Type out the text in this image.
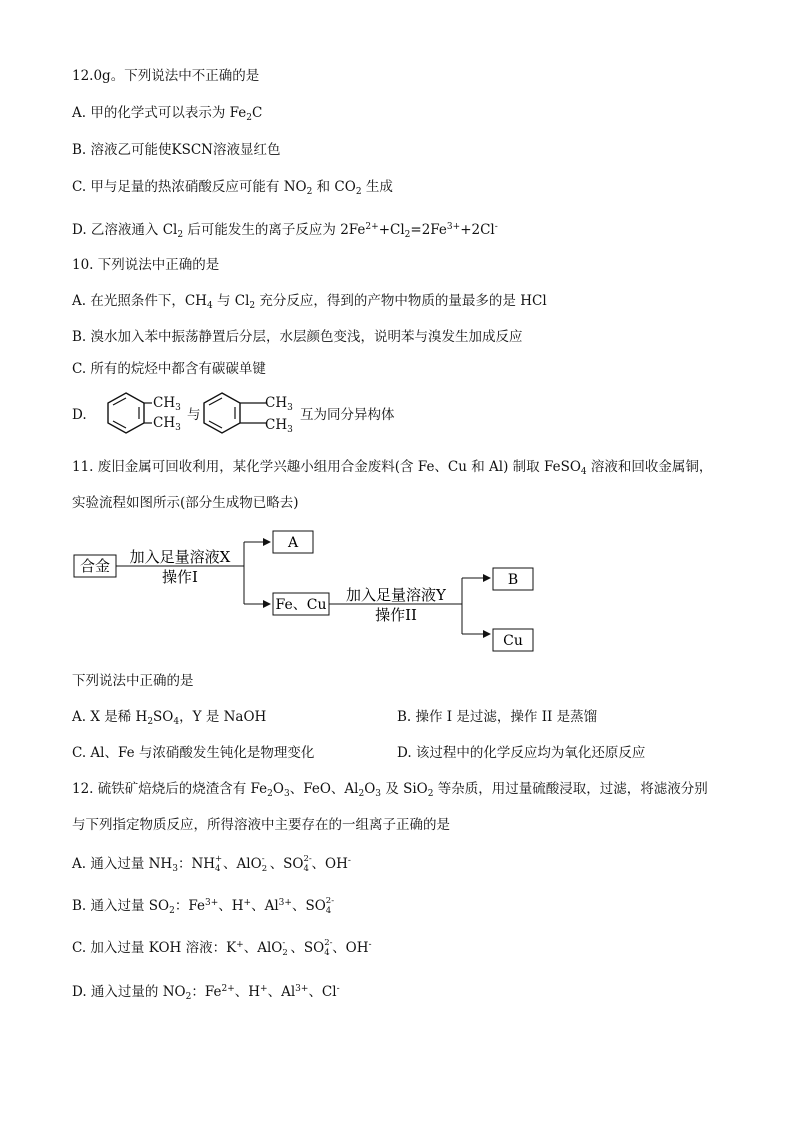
12.0g。下列说法中不正确的是
A. 甲的化学式可以表示为 $Fe_2C$
B. 溶液乙可能使KSCN溶液显红色
C. 甲与足量的热浓硝酸反应可能有 $NO_2$ 和 $CO_2$ 生成
D. 乙溶液通入 $Cl_2$ 后可能发生的离子反应为 $2Fe^{2+}+Cl_2=2Fe^{3+}+2Cl^-$
10. 下列说法中正确的是
A. 在光照条件下，$CH_4$ 与 $Cl_2$ 充分反应，得到的产物中物质的量最多的是 HCl
B. 溴水加入苯中振荡静置后分层，水层颜色变浅，说明苯与溴发生加成反应
C. 所有的烷烃中都含有碳碳单键
D.
$CH_3$
$CH_3$
与
$CH_3$
$CH_3$
互为同分异构体
11. 废旧金属可回收利用，某化学兴趣小组用合金废料(含 Fe、Cu 和 Al) 制取 FeSO$_4$ 溶液和回收金属铜，
实验流程如图所示(部分生成物已略去)
合金 加入足量溶液X
操作I
A
Fe、Cu
加入足量溶液Y
操作II
B
Cu
下列说法中正确的是
A. X 是稀 $H_2SO_4$，Y 是 NaOH	B. 操作 I 是过滤，操作 II 是蒸馏
C. Al、Fe 与浓硝酸发生钝化是物理变化	D. 该过程中的化学反应均为氧化还原反应
12. 硫铁矿焙烧后的烧渣含有 $Fe_2O_3$、FeO、$Al_2O_3$ 及 SiO$_2$ 等杂质，用过量硫酸浸取，过滤，将滤液分别
与下列指定物质反应，所得溶液中主要存在的一组离子正确的是
A. 通入过量 $NH_3$：NH +
4 、AlO -
2 、SO 2-
4 、OH-
B. 通入过量 $SO_2$：$Fe^{3+}$、H+、$Al^{3+}$、SO 2-
4
C. 加入过量 KOH 溶液：K+、AlO -
2 、SO 2-
4 、OH-
D. 通入过量的 $NO_2$：$Fe^{2+}$、H+、$Al^{3+}$、Cl-
